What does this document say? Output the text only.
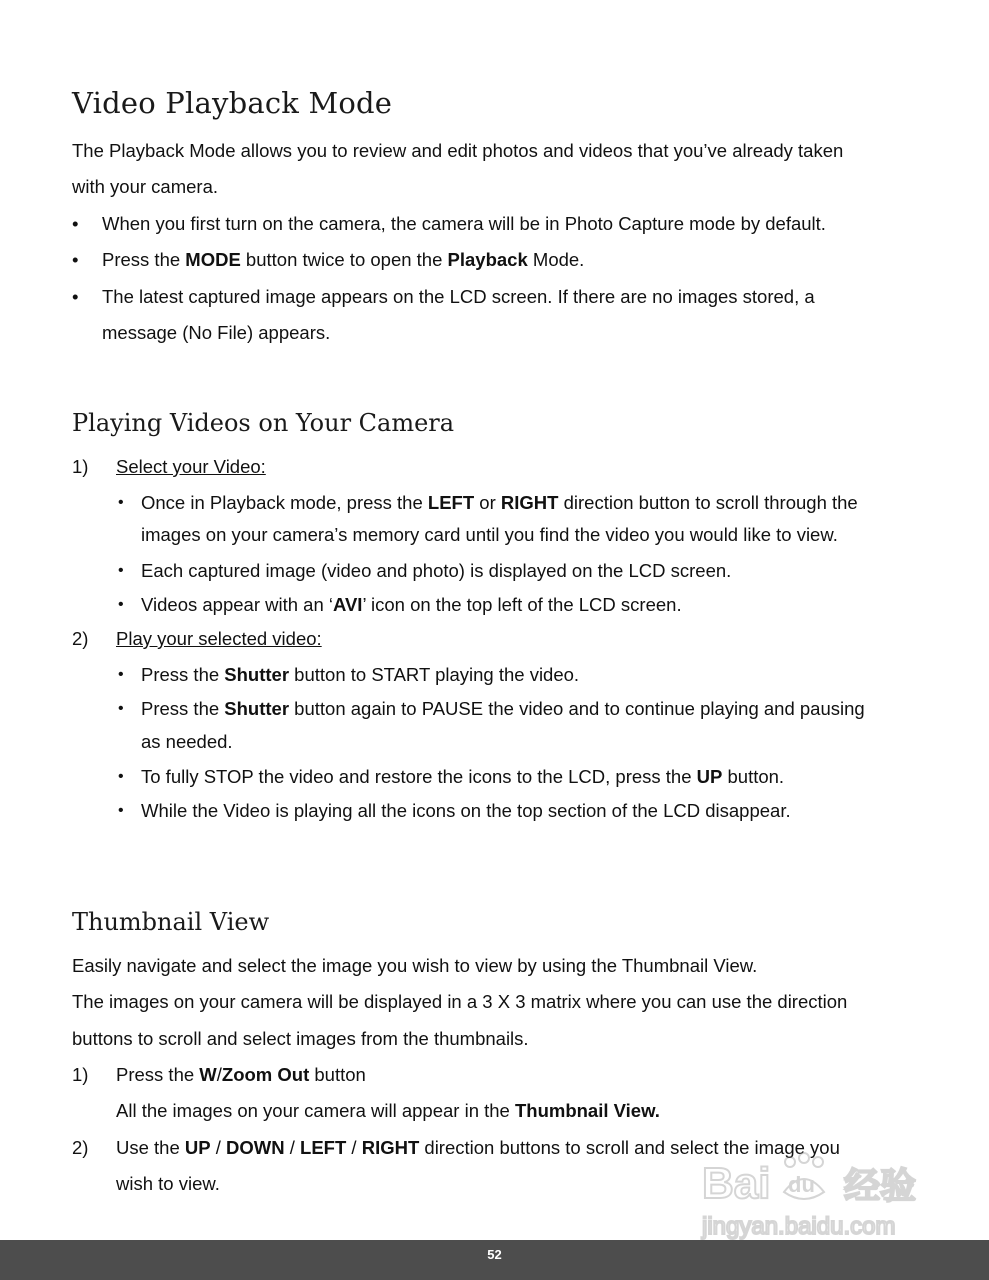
Video Playback Mode
The Playback Mode allows you to review and edit photos and videos that you’ve already taken
with your camera.
• When you first turn on the camera, the camera will be in Photo Capture mode by default.
• Press the MODE button twice to open the Playback Mode.
• The latest captured image appears on the LCD screen. If there are no images stored, a
message (No File) appears.
Playing Videos on Your Camera
1) Select your Video:
• Once in Playback mode, press the LEFT or RIGHT direction button to scroll through the
images on your camera’s memory card until you find the video you would like to view.
• Each captured image (video and photo) is displayed on the LCD screen.
• Videos appear with an ‘AVI’ icon on the top left of the LCD screen.
2) Play your selected video:
• Press the Shutter button to START playing the video.
• Press the Shutter button again to PAUSE the video and to continue playing and pausing
as needed.
• To fully STOP the video and restore the icons to the LCD, press the UP button.
• While the Video is playing all the icons on the top section of the LCD disappear.
Thumbnail View
Easily navigate and select the image you wish to view by using the Thumbnail View.
The images on your camera will be displayed in a 3 X 3 matrix where you can use the direction
buttons to scroll and select images from the thumbnails.
1) Press the W/Zoom Out button
All the images on your camera will appear in the Thumbnail View.
2) Use the UP / DOWN / LEFT / RIGHT direction buttons to scroll and select the image you
wish to view.	Bai 经验
jingyan.baidu.com
du
52
